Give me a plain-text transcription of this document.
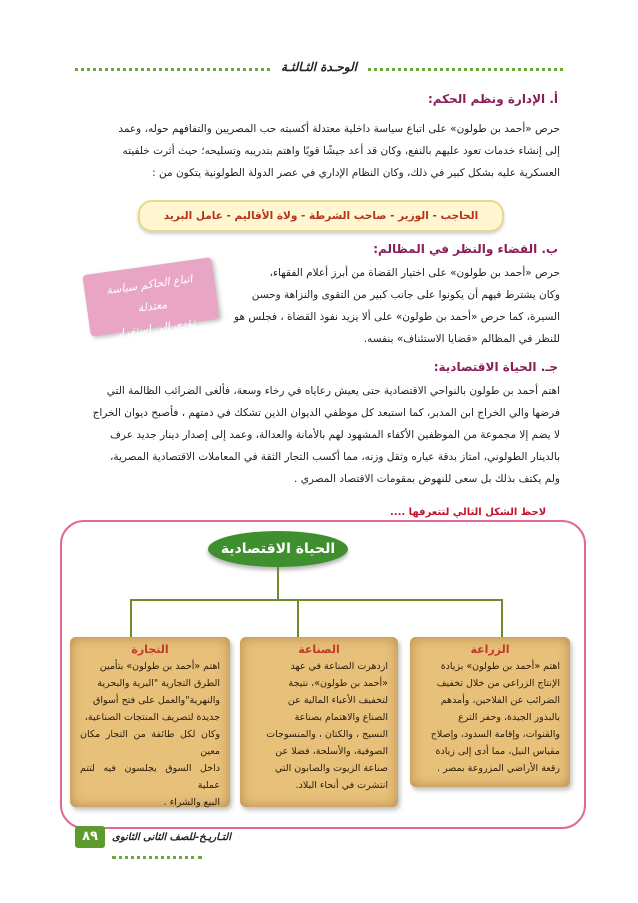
الوحـدة الثـالثـة
أ. الإدارة ونظم الحكم:

حرص «أحمد بن طولون» على اتباع سياسة داخلية معتدلة أكسبته حب المصريين والتفافهم حوله، وعمد

إلى إنشاء خدمات تعود عليهم بالنفع، وكان قد أعد جيشًا قويًا واهتم بتدريبه وتسليحه؛ حيث أثرت خلفيته

العسكرية عليه بشكل كبير في ذلك، وكان النظام الإداري في عصر الدولة الطولونية يتكون من :

الحاجب - الوزير - صاحب الشرطة - ولاة الأقاليم - عامل البريد
ب. القضاء والنظر في المظالم:

حرص «أحمد بن طولون» على اختيار القضاة من أبرز أعلام الفقهاء،

وكان يشترط فيهم أن يكونوا على جانب كبير من التقوى والنزاهة وحسن

السيرة، كما حرص «أحمد بن طولون» على ألا يزيد نفوذ القضاة ، فجلس هو

للنظر في المظالم «قضايا الاستئناف» بنفسه.

اتباع الحاكم سياسة معتدلة
تؤدي إلى استقرار المجتمع.
جـ. الحياة الاقتصادية:

اهتم أحمد بن طولون بالنواحي الاقتصادية حتى يعيش رعاياه في رخاء وسعة، فألغى الضرائب الظالمة التي

فرضها والي الخراج ابن المدبر، كما استبعد كل موظفي الديوان الذين تشكك في ذمتهم ، فأصبح ديوان الخراج

لا يضم إلا مجموعة من الموظفين الأكفاء المشهود لهم بالأمانة والعدالة، وعمد إلى إصدار دينار جديد عرف

بالدينار الطولوني، امتاز بدقة عياره وثقل وزنه، مما أكسب التجار الثقة في المعاملات الاقتصادية المصرية،

ولم يكتف بذلك بل سعى للنهوض بمقومات الاقتصاد المصري .

لاحظ الشكل التالي لتتعرفها ....
الحياة الاقتصادية
الزراعة
اهتم «أحمد بن طولون» بزيادة
الإنتاج الزراعي من خلال تخفيف
الضرائب عن الفلاحين، وأمدهم
بالبذور الجيدة، وحفر الترع
والقنوات، وإقامة السدود، وإصلاح
مقياس النيل، مما أدى إلى زيادة
رقعة الأراضي المزروعة بمصر .
الصناعة
ازدهرت الصناعة في عهد
«أحمد بن طولون»، نتيجة
لتخفيف الأعباء المالية عن
الصناع والاهتمام بصناعة
النسيج ، والكتان ، والمنسوجات
الصوفية، والأسلحة، فضلا عن
صناعة الزيوت والصابون التي
انتشرت في أنحاء البلاد.
التجارة
اهتم «أحمد بن طولون» بتأمين
الطرق التجارية "البرية والبحرية
والنهرية"والعمل على فتح أسواق
جديدة لتصريف المنتجات الصناعية،
وكان لكل طائفة من التجار مكان معين
داخل السوق يجلسون فيه لتتم عملية
البيع والشراء .
٨٩	التـاريـخ-للصف الثانى الثانوى
